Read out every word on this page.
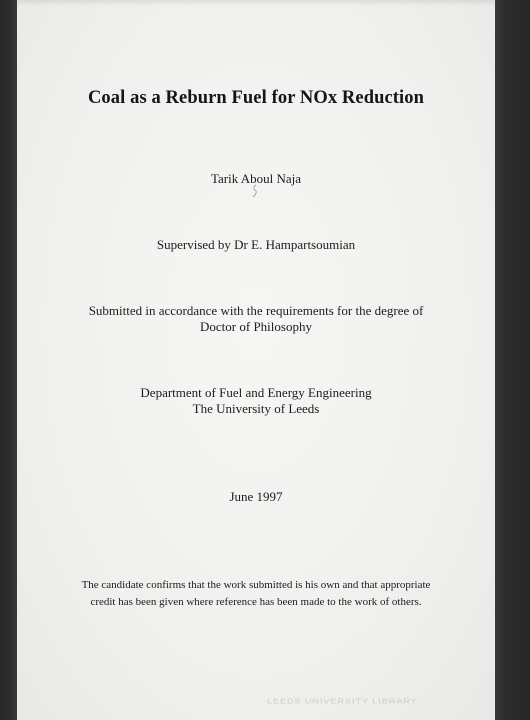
Coal as a Reburn Fuel for NOx Reduction
Tarik Aboul Naja
Supervised by Dr E. Hampartsoumian
Submitted in accordance with the requirements for the degree of
Doctor of Philosophy
Department of Fuel and Energy Engineering
The University of Leeds
June 1997
The candidate confirms that the work submitted is his own and that appropriate
credit has been given where reference has been made to the work of others.
LEEDS UNIVERSITY LIBRARY
